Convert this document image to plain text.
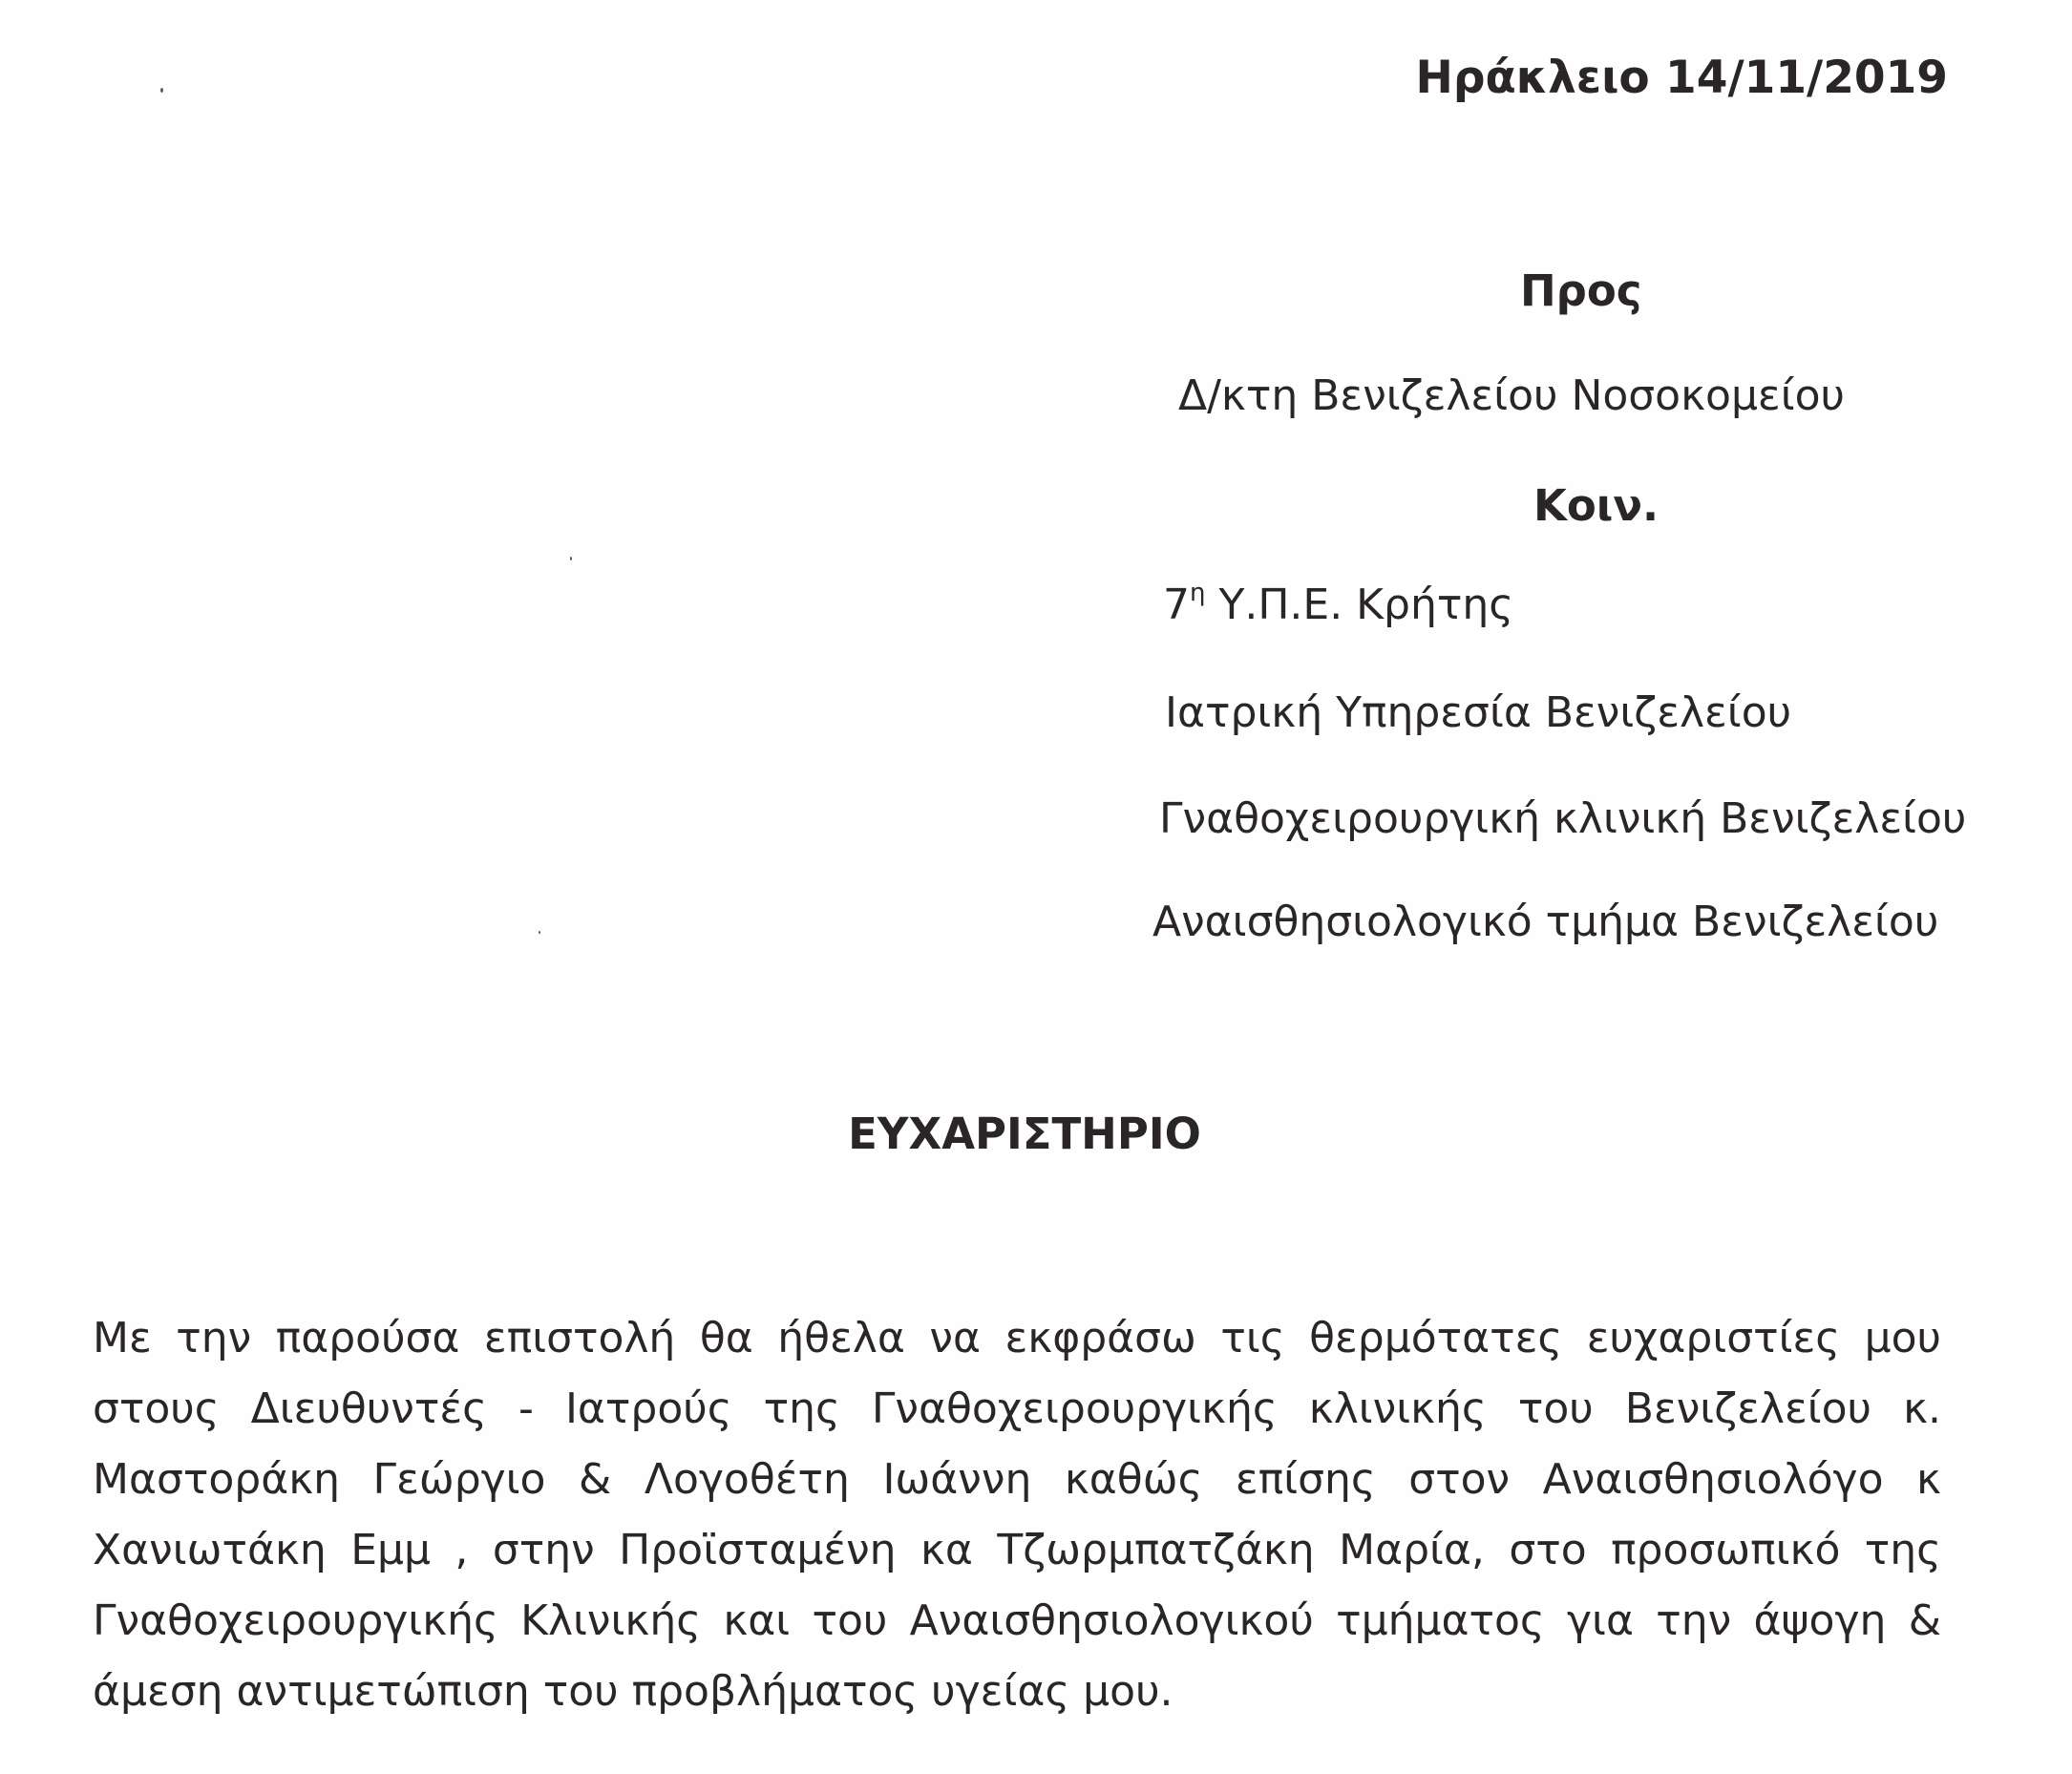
Ηράκλειο 14/11/2019
Προς
Δ/κτη Βενιζελείου Νοσοκομείου
Κοιν.
$7^\eta$ Υ.Π.Ε. Κρήτης
Ιατρική Υπηρεσία Βενιζελείου
Γναθοχειρουργική κλινική Βενιζελείου
Αναισθησιολογικό τμήμα Βενιζελείου
ΕΥΧΑΡΙΣΤΗΡΙΟ
Με την παρούσα επιστολή θα ήθελα να εκφράσω τις θερμότατες ευχαριστίες μου στους Διευθυντές - Ιατρούς της Γναθοχειρουργικής κλινικής του Βενιζελείου κ. Μαστοράκη Γεώργιο & Λογοθέτη Ιωάννη καθώς επίσης στον Αναισθησιολόγο κ Χανιωτάκη Εμμ , στην Προϊσταμένη κα Τζωρμπατζάκη Μαρία, στο προσωπικό της Γναθοχειρουργικής Κλινικής και του Αναισθησιολογικού τμήματος για την άψογη & άμεση αντιμετώπιση του προβλήματος υγείας μου.
